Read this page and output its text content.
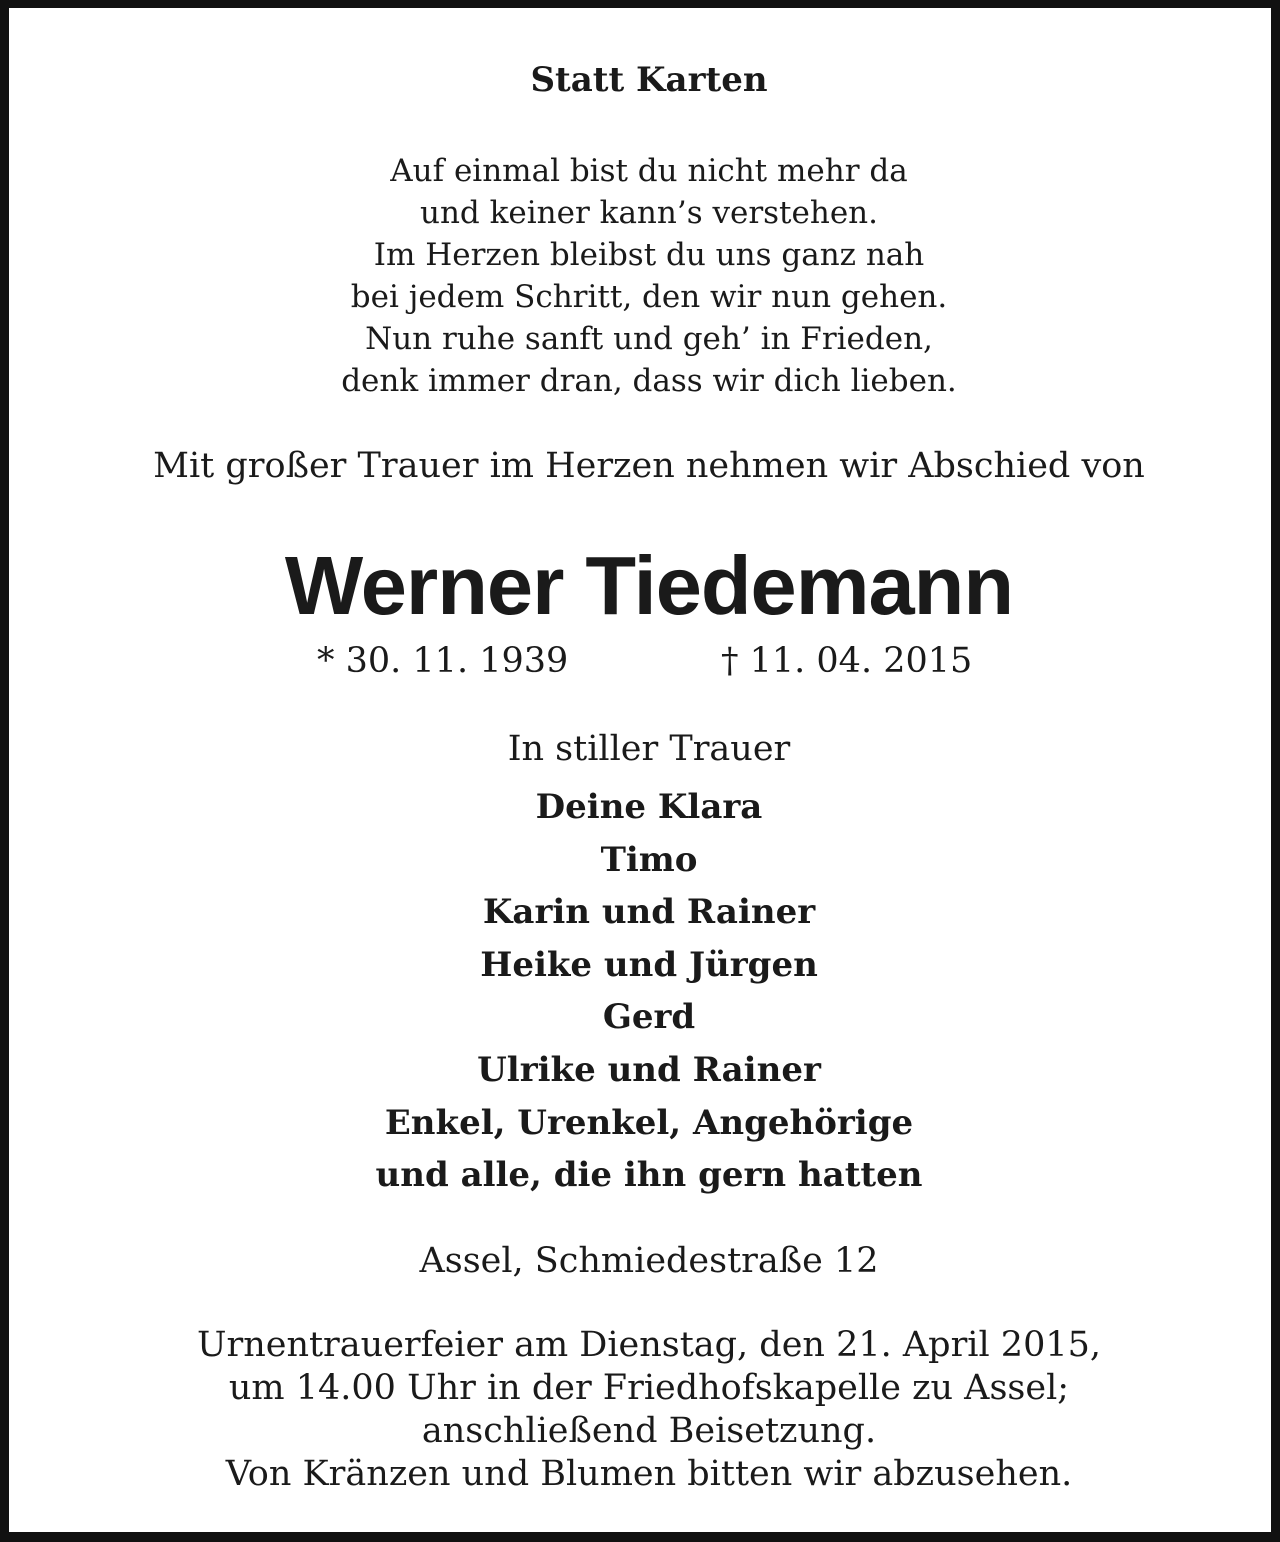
Statt Karten
Auf einmal bist du nicht mehr da
und keiner kann’s verstehen.
Im Herzen bleibst du uns ganz nah
bei jedem Schritt, den wir nun gehen.
Nun ruhe sanft und geh’ in Frieden,
denk immer dran, dass wir dich lieben.
Mit großer Trauer im Herzen nehmen wir Abschied von
Werner Tiedemann
* 30. 11. 1939	† 11. 04. 2015
In stiller Trauer
Deine Klara
Timo
Karin und Rainer
Heike und Jürgen
Gerd
Ulrike und Rainer
Enkel, Urenkel, Angehörige
und alle, die ihn gern hatten
Assel, Schmiedestraße 12
Urnentrauerfeier am Dienstag, den 21. April 2015,
um 14.00 Uhr in der Friedhofskapelle zu Assel;
anschließend Beisetzung.
Von Kränzen und Blumen bitten wir abzusehen.
